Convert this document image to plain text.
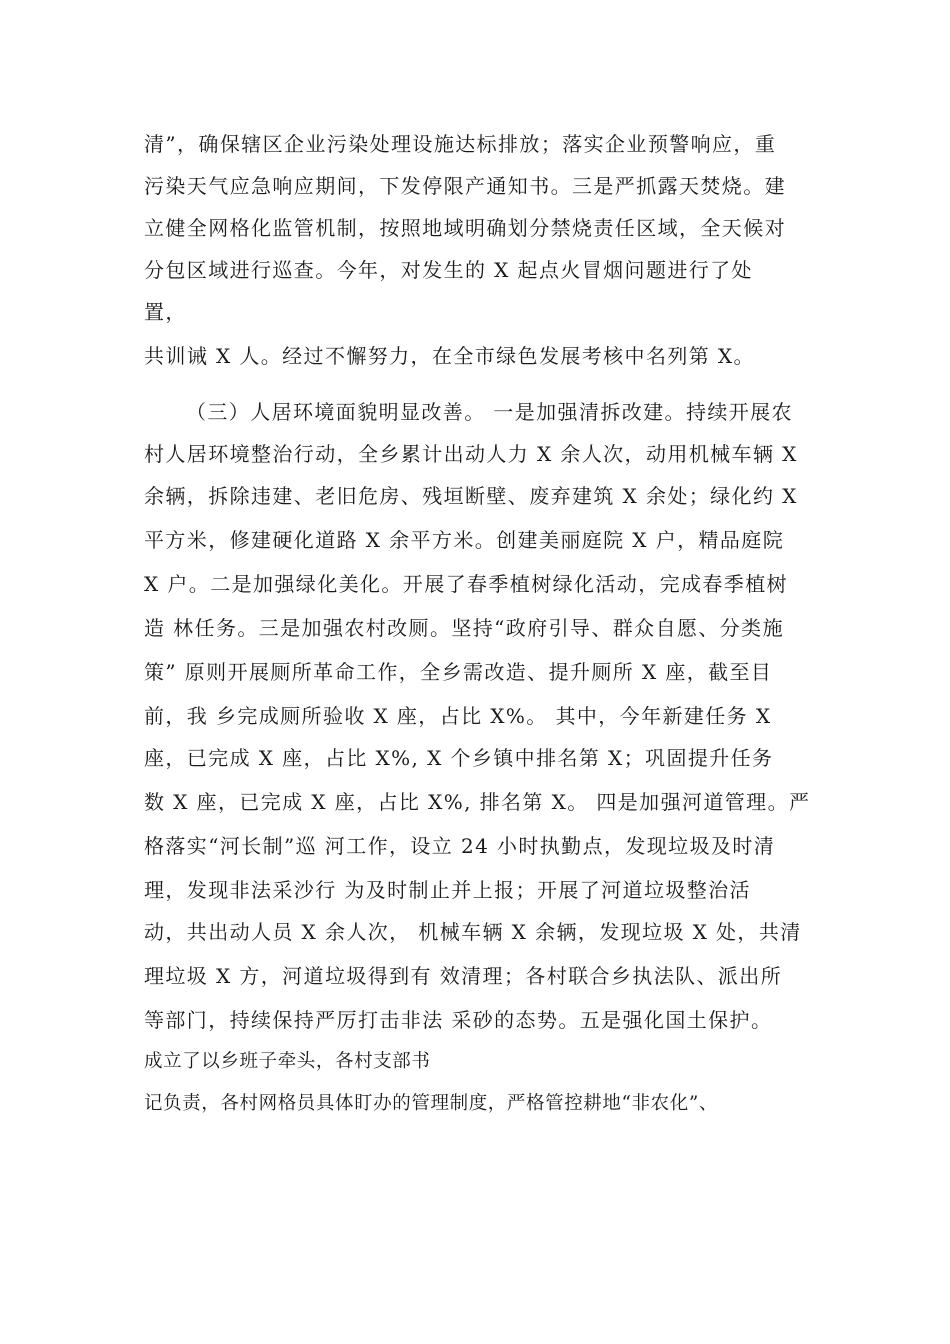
清”，确保辖区企业污染处理设施达标排放；落实企业预警响应，重
污染天气应急响应期间，下发停限产通知书。三是严抓露天焚烧。建
立健全网格化监管机制，按照地域明确划分禁烧责任区域，全天候对
分包区域进行巡查。今年，对发生的 X 起点火冒烟问题进行了处
置，
共训诫 X 人。经过不懈努力，在全市绿色发展考核中名列第 X。
（三）人居环境面貌明显改善。 一是加强清拆改建。持续开展农
村人居环境整治行动，全乡累计出动人力 X 余人次，动用机械车辆 X
余辆，拆除违建、老旧危房、残垣断壁、废弃建筑 X 余处；绿化约 X
平方米，修建硬化道路 X 余平方米。创建美丽庭院 X 户，精品庭院
X 户。二是加强绿化美化。开展了春季植树绿化活动，完成春季植树
造 林任务。三是加强农村改厕。坚持“政府引导、群众自愿、分类施
策” 原则开展厕所革命工作，全乡需改造、提升厕所 X 座，截至目
前，我 乡完成厕所验收 X 座，占比 X%。 其中，今年新建任务 X
座，已完成 X 座，占比 X%, X 个乡镇中排名第 X；巩固提升任务
数 X 座，已完成 X 座，占比 X%, 排名第 X。 四是加强河道管理。严
格落实“河长制”巡 河工作，设立 24 小时执勤点，发现垃圾及时清
理，发现非法采沙行 为及时制止并上报；开展了河道垃圾整治活
动，共出动人员 X 余人次， 机械车辆 X 余辆，发现垃圾 X 处，共清
理垃圾 X 方，河道垃圾得到有 效清理；各村联合乡执法队、派出所
等部门，持续保持严厉打击非法 采砂的态势。五是强化国土保护。
成立了以乡班子牵头，各村支部书
记负责，各村网格员具体盯办的管理制度，严格管控耕地“非农化”、
